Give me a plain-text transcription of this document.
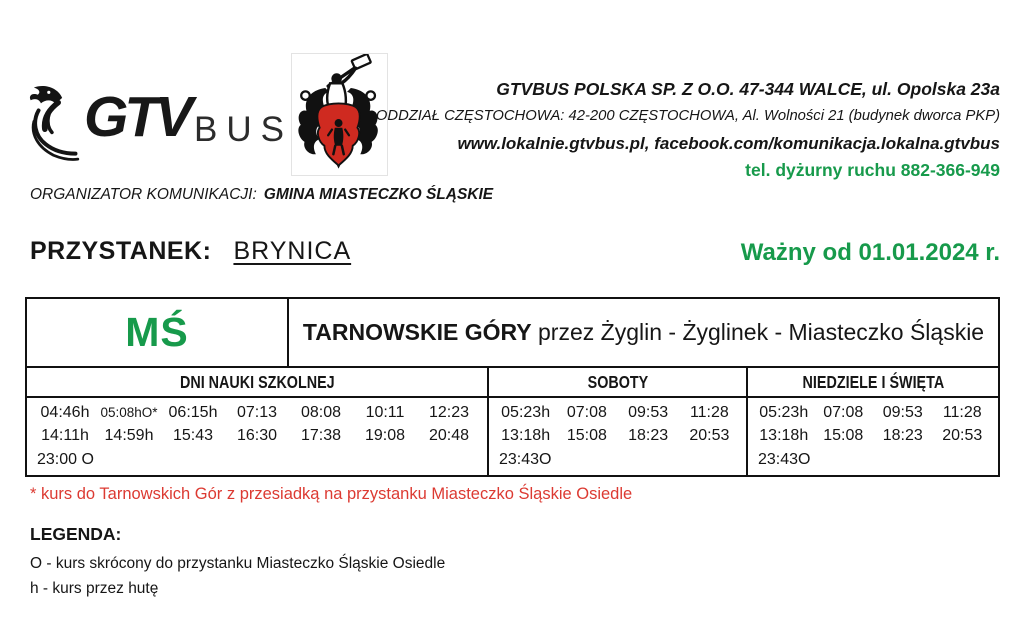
GTV BUS
GTVBUS POLSKA SP. Z O.O. 47-344 WALCE, ul. Opolska 23a
ODDZIAŁ CZĘSTOCHOWA: 42-200 CZĘSTOCHOWA, Al. Wolności 21 (budynek dworca PKP)
www.lokalnie.gtvbus.pl, facebook.com/komunikacja.lokalna.gtvbus
tel. dyżurny ruchu 882-366-949
ORGANIZATOR KOMUNIKACJI: GMINA MIASTECZKO ŚLĄSKIE
PRZYSTANEK: BRYNICA	Ważny od 01.01.2024 r.
MŚ	TARNOWSKIE GÓRY przez Żyglin - Żyglinek - Miasteczko Śląskie
DNI NAUKI SZKOLNEJ	SOBOTY	NIEDZIELE I ŚWIĘTA
04:46h 05:08hO* 06:15h	07:13	08:08	10:11	12:23
14:11h 14:59h	15:43	16:30	17:38	19:08	20:48
23:00 O
05:23h	07:08	09:53	11:28
13:18h	15:08	18:23	20:53
23:43O
05:23h 07:08	09:53	11:28
13:18h 15:08	18:23	20:53
23:43O
* kurs do Tarnowskich Gór z przesiadką na przystanku Miasteczko Śląskie Osiedle
LEGENDA:
O - kurs skrócony do przystanku Miasteczko Śląskie Osiedle
h - kurs przez hutę
